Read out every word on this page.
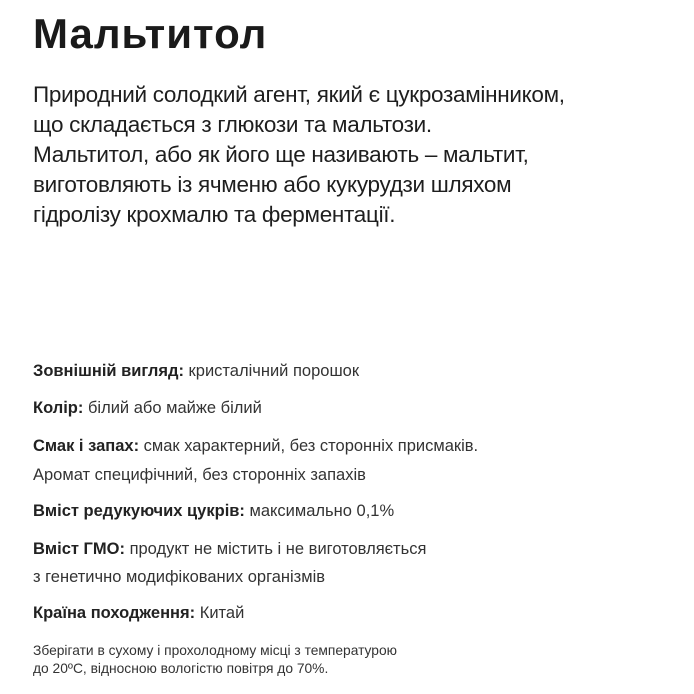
Мальтитол
Природний солодкий агент, який є цукрозамінником,
що складається з глюкози та мальтози.
Мальтитол, або як його ще називають – мальтит,
виготовляють із ячменю або кукурудзи шляхом
гідролізу крохмалю та ферментації.
Зовнішній вигляд: кристалічний порошок
Колір: білий або майже білий
Смак і запах: смак характерний, без сторонніх присмаків.
Аромат специфічний, без сторонніх запахів
Вміст редукуючих цукрів: максимально 0,1%
Вміст ГМО: продукт не містить і не виготовляється
з генетично модифікованих організмів
Країна походження: Китай
Зберігати в сухому і прохолодному місці з температурою
до 20ºС, відносною вологістю повітря до 70%.
